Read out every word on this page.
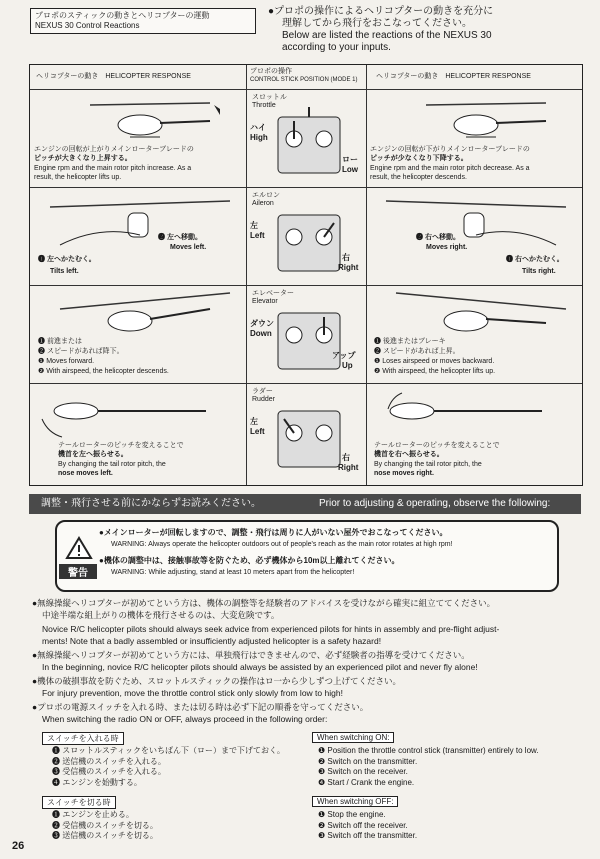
プロポのスティックの動きとヘリコプターの運動
NEXUS 30 Control Reactions
●プロポの操作によるヘリコプターの動きを充分に
理解してから飛行をおこなってください。
Below are listed the reactions of the NEXUS 30
according to your inputs.
ヘリコプターの動き　HELICOPTER RESPONSE
プロポの操作
CONTROL STICK POSITION (MODE 1)	ヘリコプターの動き　HELICOPTER RESPONSE
エンジンの回転が上がりメインローターブレードの
ピッチが大きくなり上昇する。
Engine rpm and the main rotor pitch increase. As a
result, the helicopter lifts up.
スロットル
Throttle
ハイ
High
ロー
Low
エンジンの回転が下がりメインローターブレードの
ピッチが少なくなり下降する。
Engine rpm and the main rotor pitch decrease. As a
result, the helicopter descends.
❷ 左へ移動。
Moves left.
❶ 左へかたむく。
Tilts left.
エルロン
Aileron
左
Left
右
Right
❷ 右へ移動。
Moves right.
❶ 右へかたむく。
Tilts right.
❶ 前進または
❷ スピードがあれば降下。
❶ Moves forward.
❷ With airspeed, the helicopter descends.
エレベーター
Elevator
ダウン
Down
アップ
Up
❶ 後進またはブレーキ
❷ スピードがあれば上昇。
❶ Loses airspeed or moves backward.
❷ With airspeed, the helicopter lifts up.
テールローターのピッチを変えることで
機首を左へ振らせる。
By changing the tail rotor pitch, the
nose moves left.
ラダー
Rudder
左
Left
右
Right
テールローターのピッチを変えることで
機首を右へ振らせる。
By changing the tail rotor pitch, the
nose moves right.
調整・飛行させる前にかならずお読みください。	Prior to adjusting & operating, observe the following:
警告
●メインローターが回転しますので、調整・飛行は周りに人がいない屋外でおこなってください。
WARNING: Always operate the helicopter outdoors out of people's reach as the main rotor rotates at high rpm!
●機体の調整中は、接触事故等を防ぐため、必ず機体から10m以上離れてください。
WARNING: While adjusting, stand at least 10 meters apart from the helicopter!
●無線操縦ヘリコプターが初めてという方は、機体の調整等を経験者のアドバイスを受けながら確実に組立ててください。
中途半端な組上がりの機体を飛行させるのは、大変危険です。
Novice R/C helicopter pilots should always seek advice from experienced pilots for hints in assembly and pre-flight adjust-
ments! Note that a badly assembled or insufficiently adjusted helicopter is a safety hazard!
●無線操縦ヘリコプターが初めてという方には、単独飛行はできませんので、必ず経験者の指導を受けてください。
In the beginning, novice R/C helicopter pilots should always be assisted by an experienced pilot and never fly alone!
●機体の破損事故を防ぐため、スロットルスティックの操作はロ一から少しずつ上げてください。
For injury prevention, move the throttle control stick only slowly from low to high!
●プロポの電源スイッチを入れる時、または切る時は必ず下記の順番を守ってください。
When switching the radio ON or OFF, always proceed in the following order:
スイッチを入れる時	When switching ON:
❶ スロットルスティックをいちばん下（ロー）まで下げておく。
❷ 送信機のスイッチを入れる。
❸ 受信機のスイッチを入れる。
❹ エンジンを始動する。
❶ Position the throttle control stick (transmitter) entirely to low.
❷ Switch on the transmitter.
❸ Switch on the receiver.
❹ Start / Crank the engine.
スイッチを切る時	When switching OFF:
❶ エンジンを止める。
❷ 受信機のスイッチを切る。
❸ 送信機のスイッチを切る。
❶ Stop the engine.
❷ Switch off the receiver.
❸ Switch off the transmitter.
26
